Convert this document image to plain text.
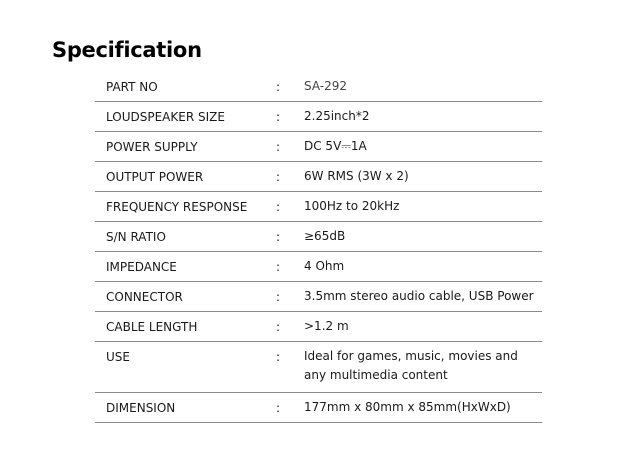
Specification
PART NO	: SA-292
LOUDSPEAKER SIZE	: 2.25inch*2
POWER SUPPLY	: DC 5V⎓1A
OUTPUT POWER	: 6W RMS (3W x 2)
FREQUENCY RESPONSE : 100Hz to 20kHz
S/N RATIO	: ≥65dB
IMPEDANCE	: 4 Ohm
CONNECTOR	: 3.5mm stereo audio cable, USB Power
CABLE LENGTH	: >1.2 m
USE	: Ideal for games, music, movies and
any multimedia content
DIMENSION	: 177mm x 80mm x 85mm(HxWxD)
